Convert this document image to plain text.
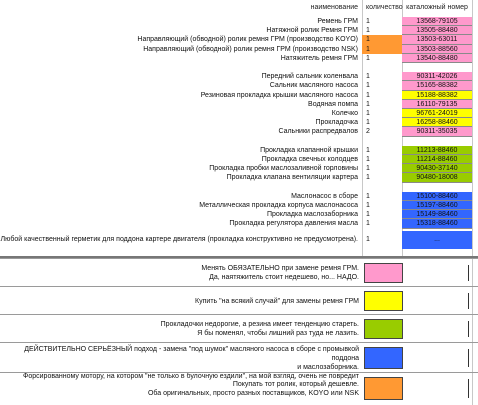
наименование	количество каталожный номер
Ремень ГРМ	1	13568-79105
Натяжной ролик Ремня ГРМ	1	13505-88480
Направляющий (обводной) ролик ремня ГРМ (производство KOYO)	1	13503-63011
Направляющий (обводной) ролик ремня ГРМ (производство NSK)	1	13503-88560
Натяжитель ремня ГРМ	1	13540-88480
Передний сальник коленвала	1	90311-42026
Сальник масляного насоса	1	15165-88382
Резиновая прокладка крышки масляного насоса	1	15188-88382
Водяная помпа	1	16110-79135
Колечко	1	96761-24019
Прокладочка	1	16258-88460
Сальники распредвалов	2	90311-35035
Прокладка клапанной крышки	1	11213-88460
Прокладка свечных колодцев	1	11214-88460
Прокладка пробки маслозаливной горловины	1	90430-37140
Прокладка клапана вентиляции картера	1	90480-18008
Маслонасос в сборе	1	15100-88460
Металлическая прокладка корпуса маслонасоса	1	15197-88460
Прокладка маслозаборника	1	15149-88460
Прокладка регулятора давления масла	1	15318-88460
Любой качественный герметик для поддона картере двигателя (прокладка конструктивно не предусмотрена).	1	...
Менять ОБЯЗАТЕЛЬНО при замене ремня ГРМ.
Да, наятяжитель стоит недешево, но... НАДО.
Купить "на всякий случай" для замены ремня ГРМ
Прокладочки недорогие, а резина имеет тенденцию стареть.
Я бы поменял, чтобы лишний раз туда не лазить.
ДЕЙСТВИТЕЛЬНО СЕРЬЁЗНЫЙ подход - замена "под шумок" масляного насоса в сборе с промывкой поддона
и маслозаборника.
Форсированному мотору, на котором "не только в булочную ездили", на мой взгляд, очень не повредит
Покупать тот ролик, который дешевле.
Оба оригинальных, просто разных поставщиков, KOYO или NSK
